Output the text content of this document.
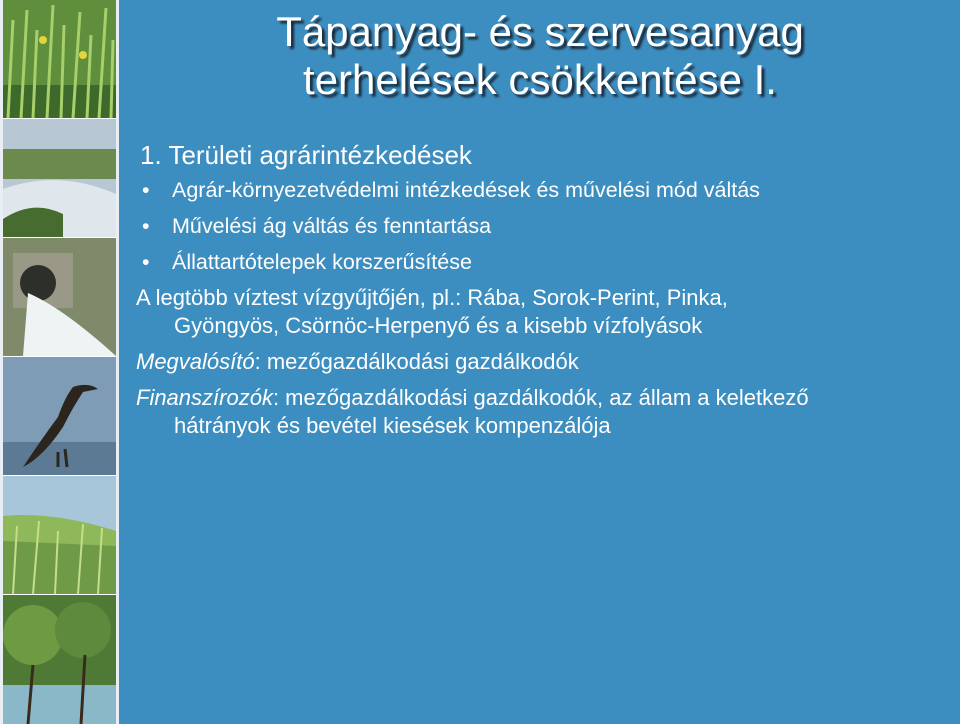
Tápanyag- és szervesanyag
terhelések csökkentése I.
1. Területi agrárintézkedések
• Agrár-környezetvédelmi intézkedések és művelési mód váltás
• Művelési ág váltás és fenntartása
• Állattartótelepek korszerűsítése
A legtöbb víztest vízgyűjtőjén, pl.: Rába, Sorok-Perint, Pinka,
Gyöngyös, Csörnöc-Herpenyő és a kisebb vízfolyások
Megvalósító: mezőgazdálkodási gazdálkodók
Finanszírozók: mezőgazdálkodási gazdálkodók, az állam a keletkező
hátrányok és bevétel kiesések kompenzálója
